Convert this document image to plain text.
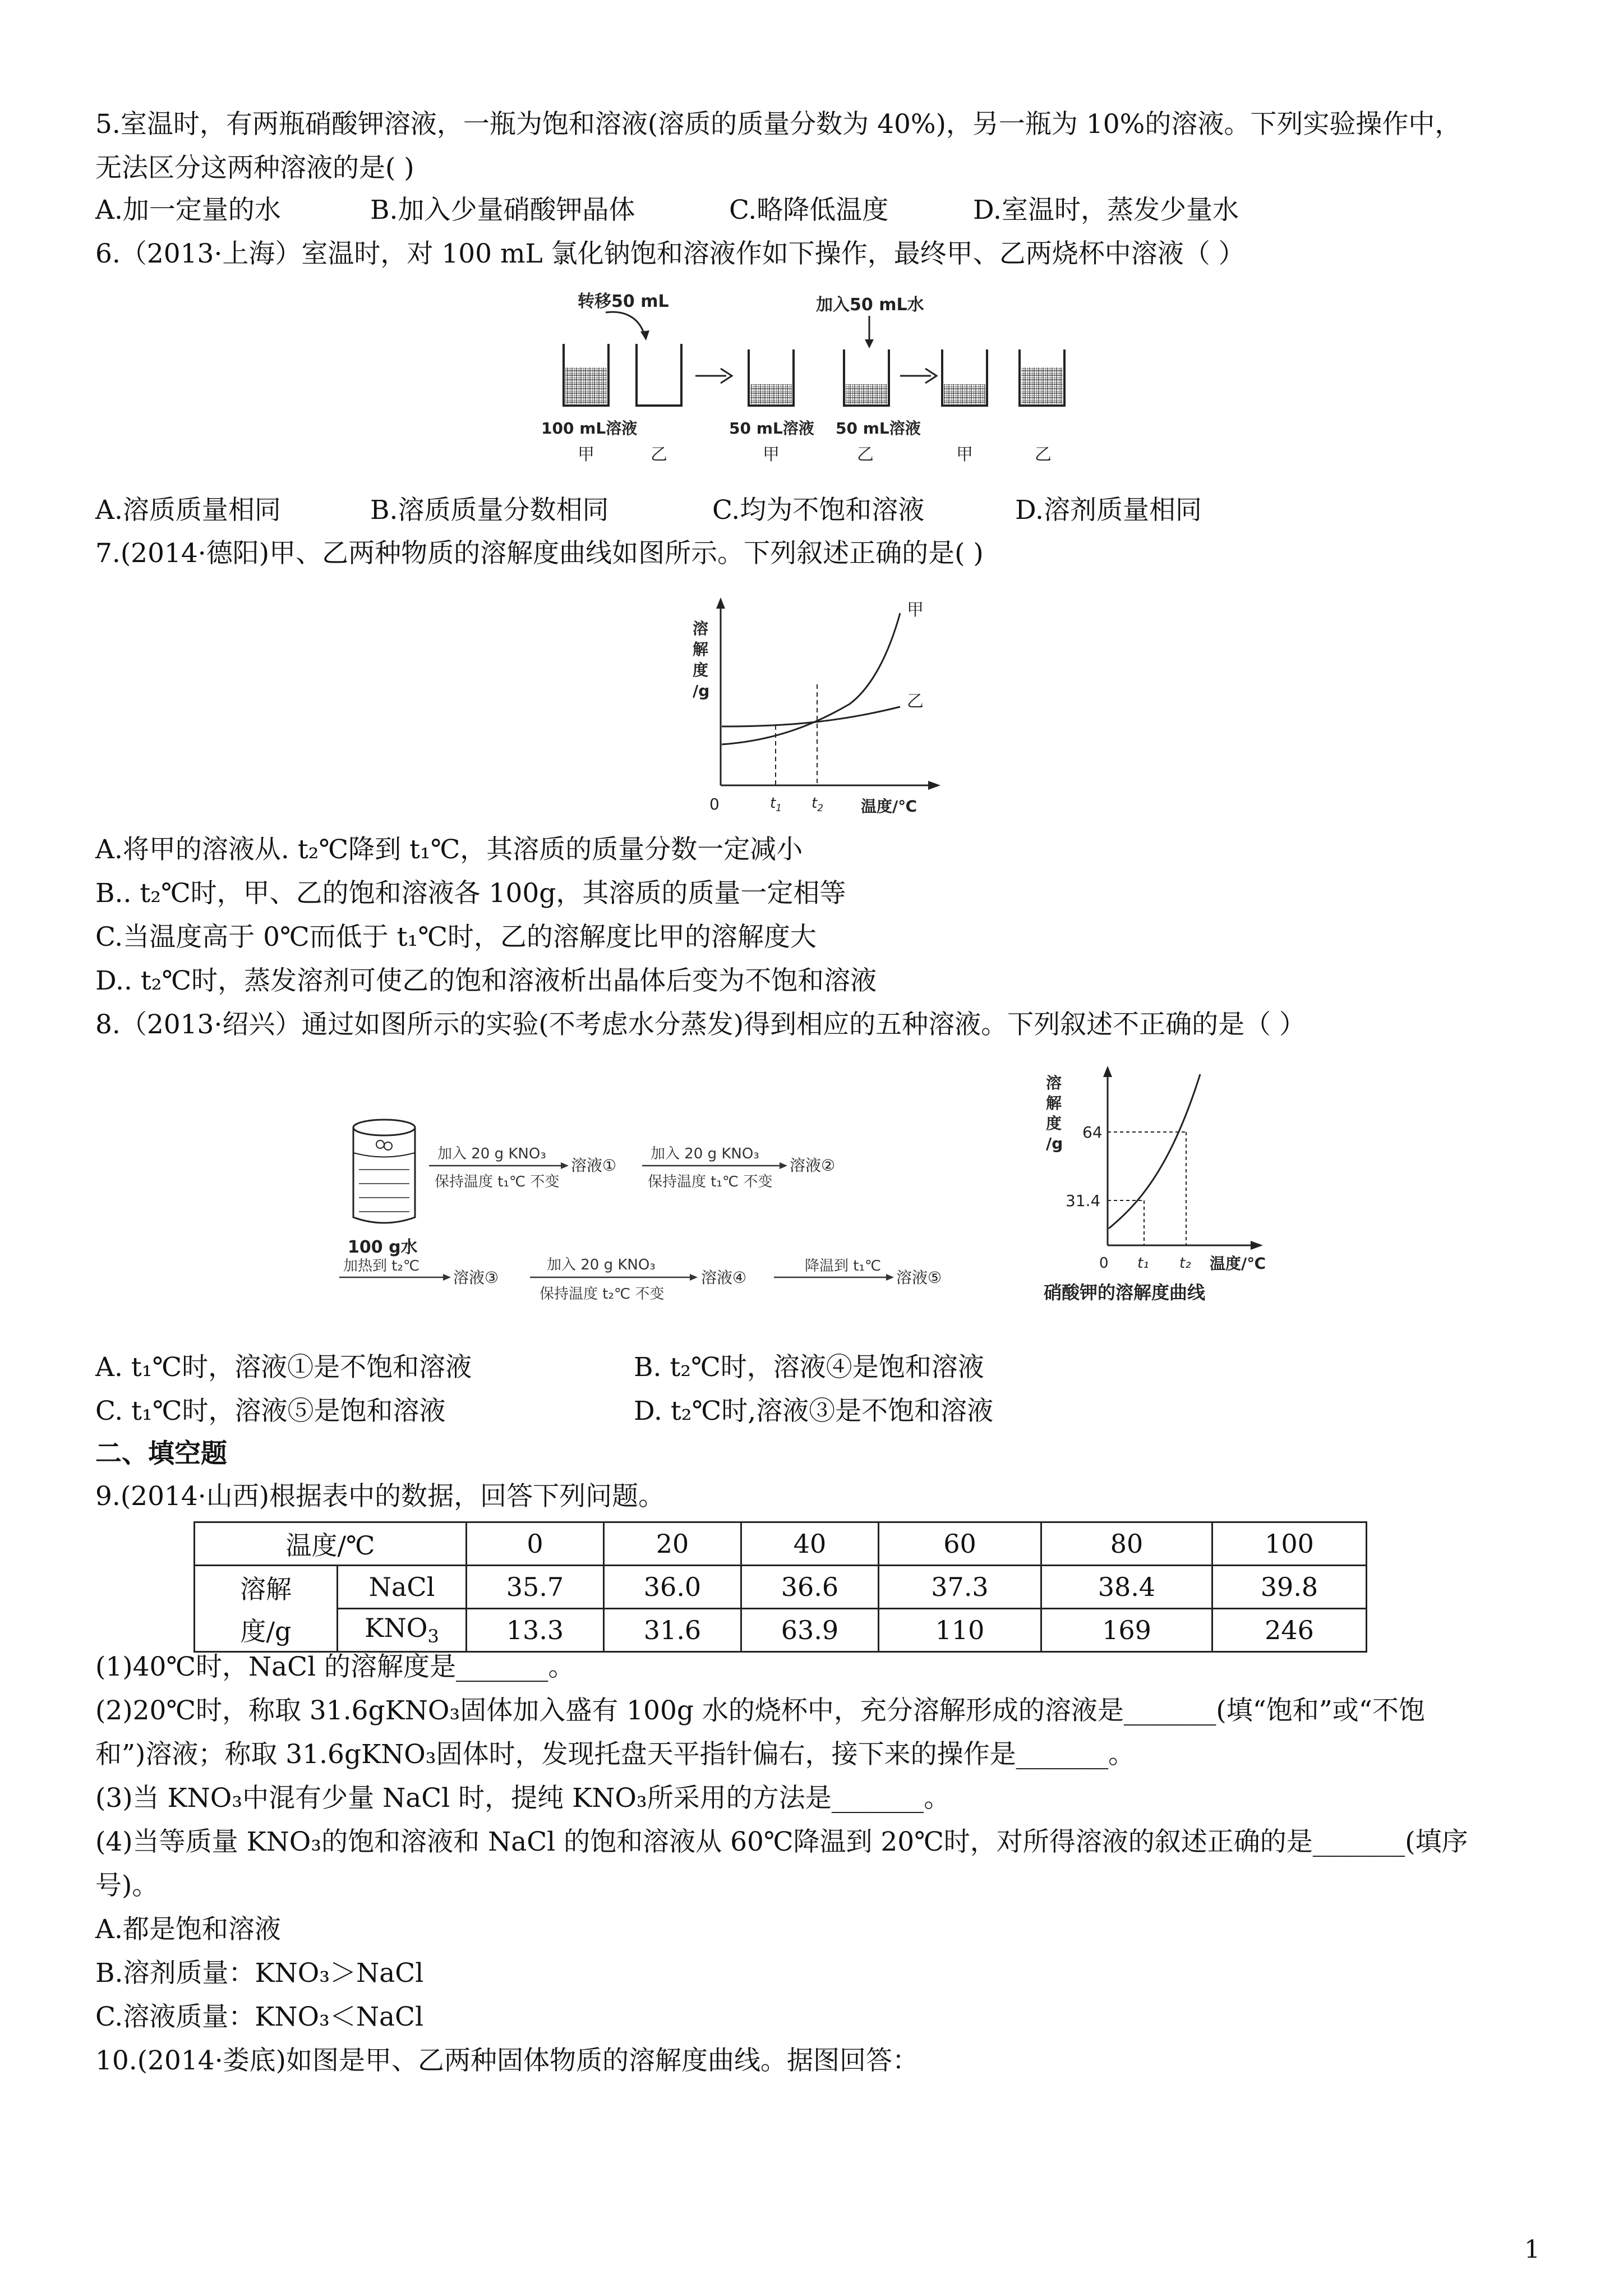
5.室温时，有两瓶硝酸钾溶液，一瓶为饱和溶液(溶质的质量分数为 40%)，另一瓶为 10%的溶液。下列实验操作中，
无法区分这两种溶液的是( )
A.加一定量的水	B.加入少量硝酸钾晶体	C.略降低温度	D.室温时，蒸发少量水
6.（2013·上海）室温时，对 100 mL 氯化钠饱和溶液作如下操作，最终甲、乙两烧杯中溶液（ ）
转移50 mL	加入50 mL水
100 mL溶液	50 mL溶液 50 mL溶液
甲	乙	甲	乙	甲	乙
A.溶质质量相同	B.溶质质量分数相同	C.均为不饱和溶液	D.溶剂质量相同
7.(2014·德阳)甲、乙两种物质的溶解度曲线如图所示。下列叙述正确的是( )
溶
解
度
/g
甲
乙
0	$t_1$ $t_2$ 温度/℃
A.将甲的溶液从. t₂℃降到 t₁℃，其溶质的质量分数一定减小
B.. t₂℃时，甲、乙的饱和溶液各 100g，其溶质的质量一定相等
C.当温度高于 0℃而低于 t₁℃时，乙的溶解度比甲的溶解度大
D.. t₂℃时，蒸发溶剂可使乙的饱和溶液析出晶体后变为不饱和溶液
8.（2013·绍兴）通过如图所示的实验(不考虑水分蒸发)得到相应的五种溶液。下列叙述不正确的是（ ）
100 g水
加入 20 g KNO₃
保持温度 t₁℃ 不变
溶液①
加入 20 g KNO₃
保持温度 t₁℃ 不变
溶液②
加热到 t₂℃
溶液③
加入 20 g KNO₃
保持温度 t₂℃ 不变
溶液④
降温到 t₁℃
溶液⑤
溶
解
度
/g
64
31.4
0 t₁ t₂ 温度/℃
硝酸钾的溶解度曲线
A. t₁℃时，溶液①是不饱和溶液	B. t₂℃时，溶液④是饱和溶液
C. t₁℃时，溶液⑤是饱和溶液	D. t₂℃时,溶液③是不饱和溶液
二、填空题
9.(2014·山西)根据表中的数据，回答下列问题。
温度/℃		0	20	40	60	80	100
溶解	NaCl	35.7	36.0	36.6	37.3	38.4	39.8
度/g	$KNO_3$	13.3	31.6	63.9	110	169	246
(1)40℃时，NaCl 的溶解度是_______。
(2)20℃时，称取 31.6gKNO₃固体加入盛有 100g 水的烧杯中，充分溶解形成的溶液是_______(填“饱和”或“不饱
和”)溶液；称取 31.6gKNO₃固体时，发现托盘天平指针偏右，接下来的操作是_______。
(3)当 KNO₃中混有少量 NaCl 时，提纯 KNO₃所采用的方法是_______。
(4)当等质量 KNO₃的饱和溶液和 NaCl 的饱和溶液从 60℃降温到 20℃时，对所得溶液的叙述正确的是_______(填序
号)。
A.都是饱和溶液
B.溶剂质量：KNO₃＞NaCl
C.溶液质量：KNO₃＜NaCl
10.(2014·娄底)如图是甲、乙两种固体物质的溶解度曲线。据图回答：
1
